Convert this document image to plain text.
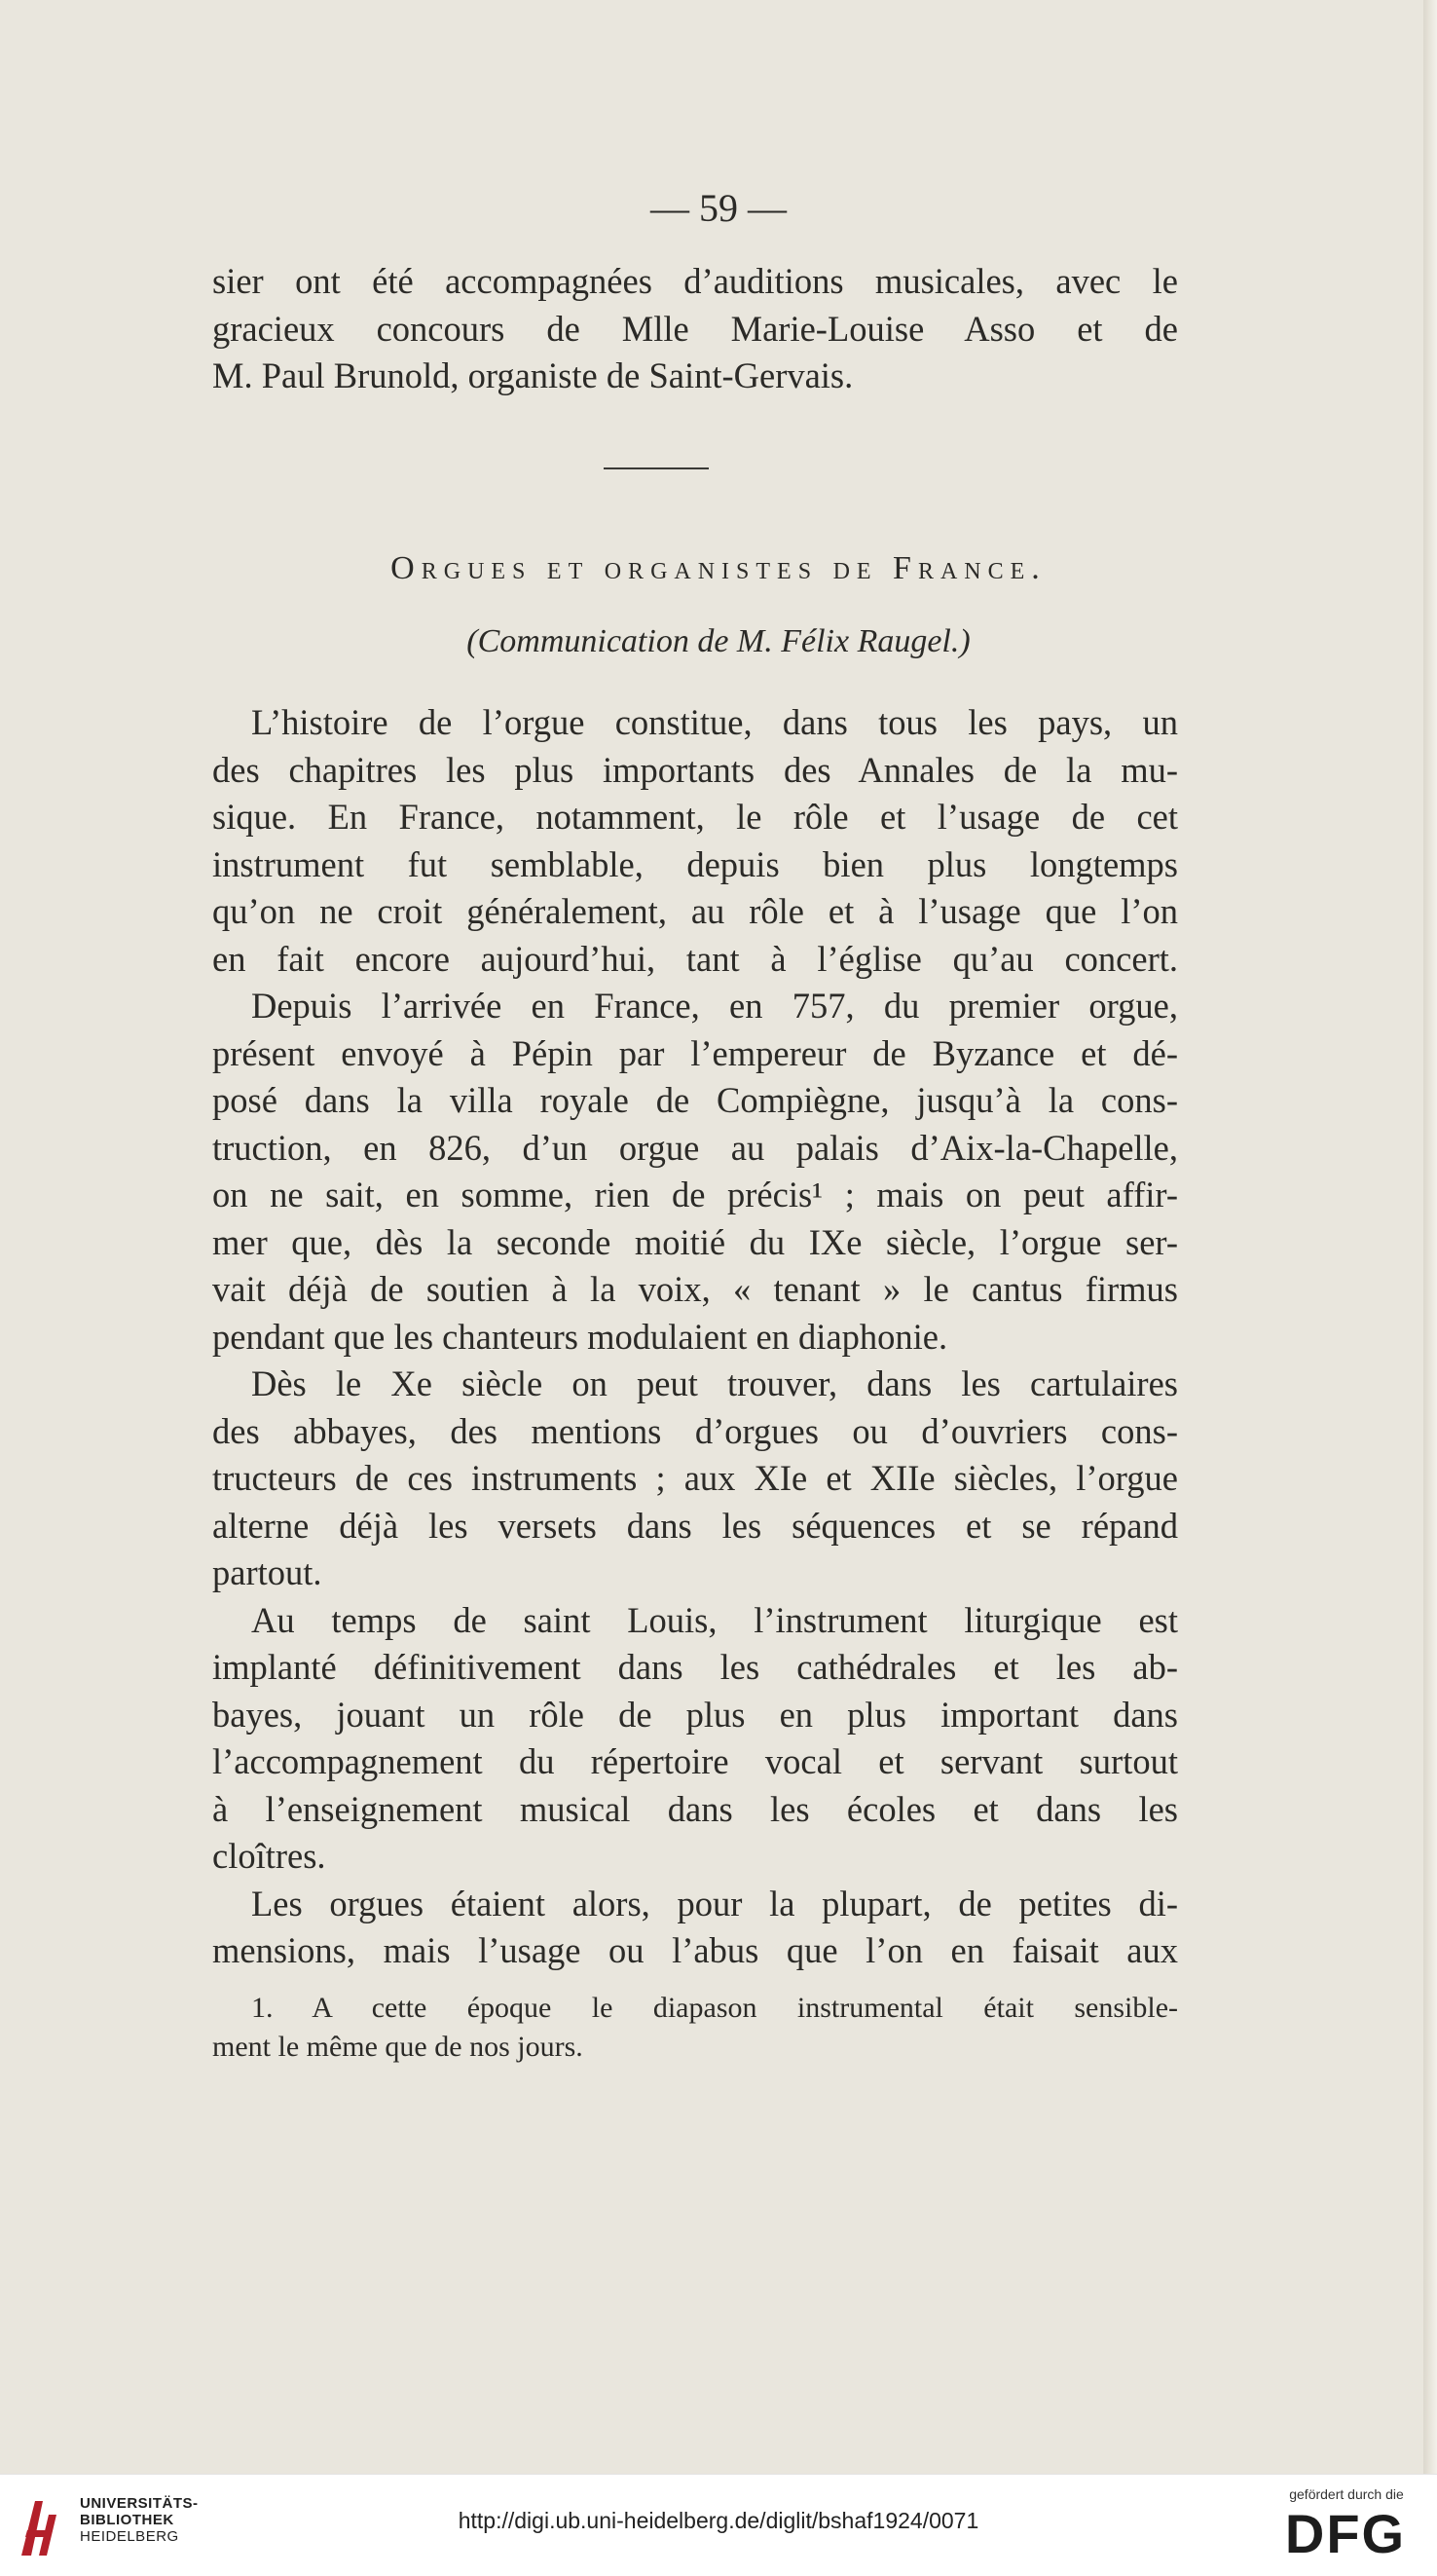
— 59 —

sier ont été accompagnées d’auditions musicales, avec le
gracieux concours de Mlle Marie-Louise Asso et de
M. Paul Brunold, organiste de Saint-Gervais.

Orgues et organistes de France.
(Communication de M. Félix Raugel.)

L’histoire de l’orgue constitue, dans tous les pays, un
des chapitres les plus importants des Annales de la mu-
sique. En France, notamment, le rôle et l’usage de cet
instrument fut semblable, depuis bien plus longtemps
qu’on ne croit généralement, au rôle et à l’usage que l’on
en fait encore aujourd’hui, tant à l’église qu’au concert.

Depuis l’arrivée en France, en 757, du premier orgue,
présent envoyé à Pépin par l’empereur de Byzance et dé-
posé dans la villa royale de Compiègne, jusqu’à la cons-
truction, en 826, d’un orgue au palais d’Aix-la-Chapelle,
on ne sait, en somme, rien de précis¹ ; mais on peut affir-
mer que, dès la seconde moitié du IXe siècle, l’orgue ser-
vait déjà de soutien à la voix, « tenant » le cantus firmus
pendant que les chanteurs modulaient en diaphonie.

Dès le Xe siècle on peut trouver, dans les cartulaires
des abbayes, des mentions d’orgues ou d’ouvriers cons-
tructeurs de ces instruments ; aux XIe et XIIe siècles, l’orgue
alterne déjà les versets dans les séquences et se répand
partout.

Au temps de saint Louis, l’instrument liturgique est
implanté définitivement dans les cathédrales et les ab-
bayes, jouant un rôle de plus en plus important dans
l’accompagnement du répertoire vocal et servant surtout
à l’enseignement musical dans les écoles et dans les
cloîtres.

Les orgues étaient alors, pour la plupart, de petites di-
mensions, mais l’usage ou l’abus que l’on en faisait aux

1. A cette époque le diapason instrumental était sensible-
ment le même que de nos jours.

UNIVERSITÄTS-
BIBLIOTHEK
HEIDELBERG
http://digi.ub.uni-heidelberg.de/diglit/bshaf1924/0071
gefördert durch die
DFG
